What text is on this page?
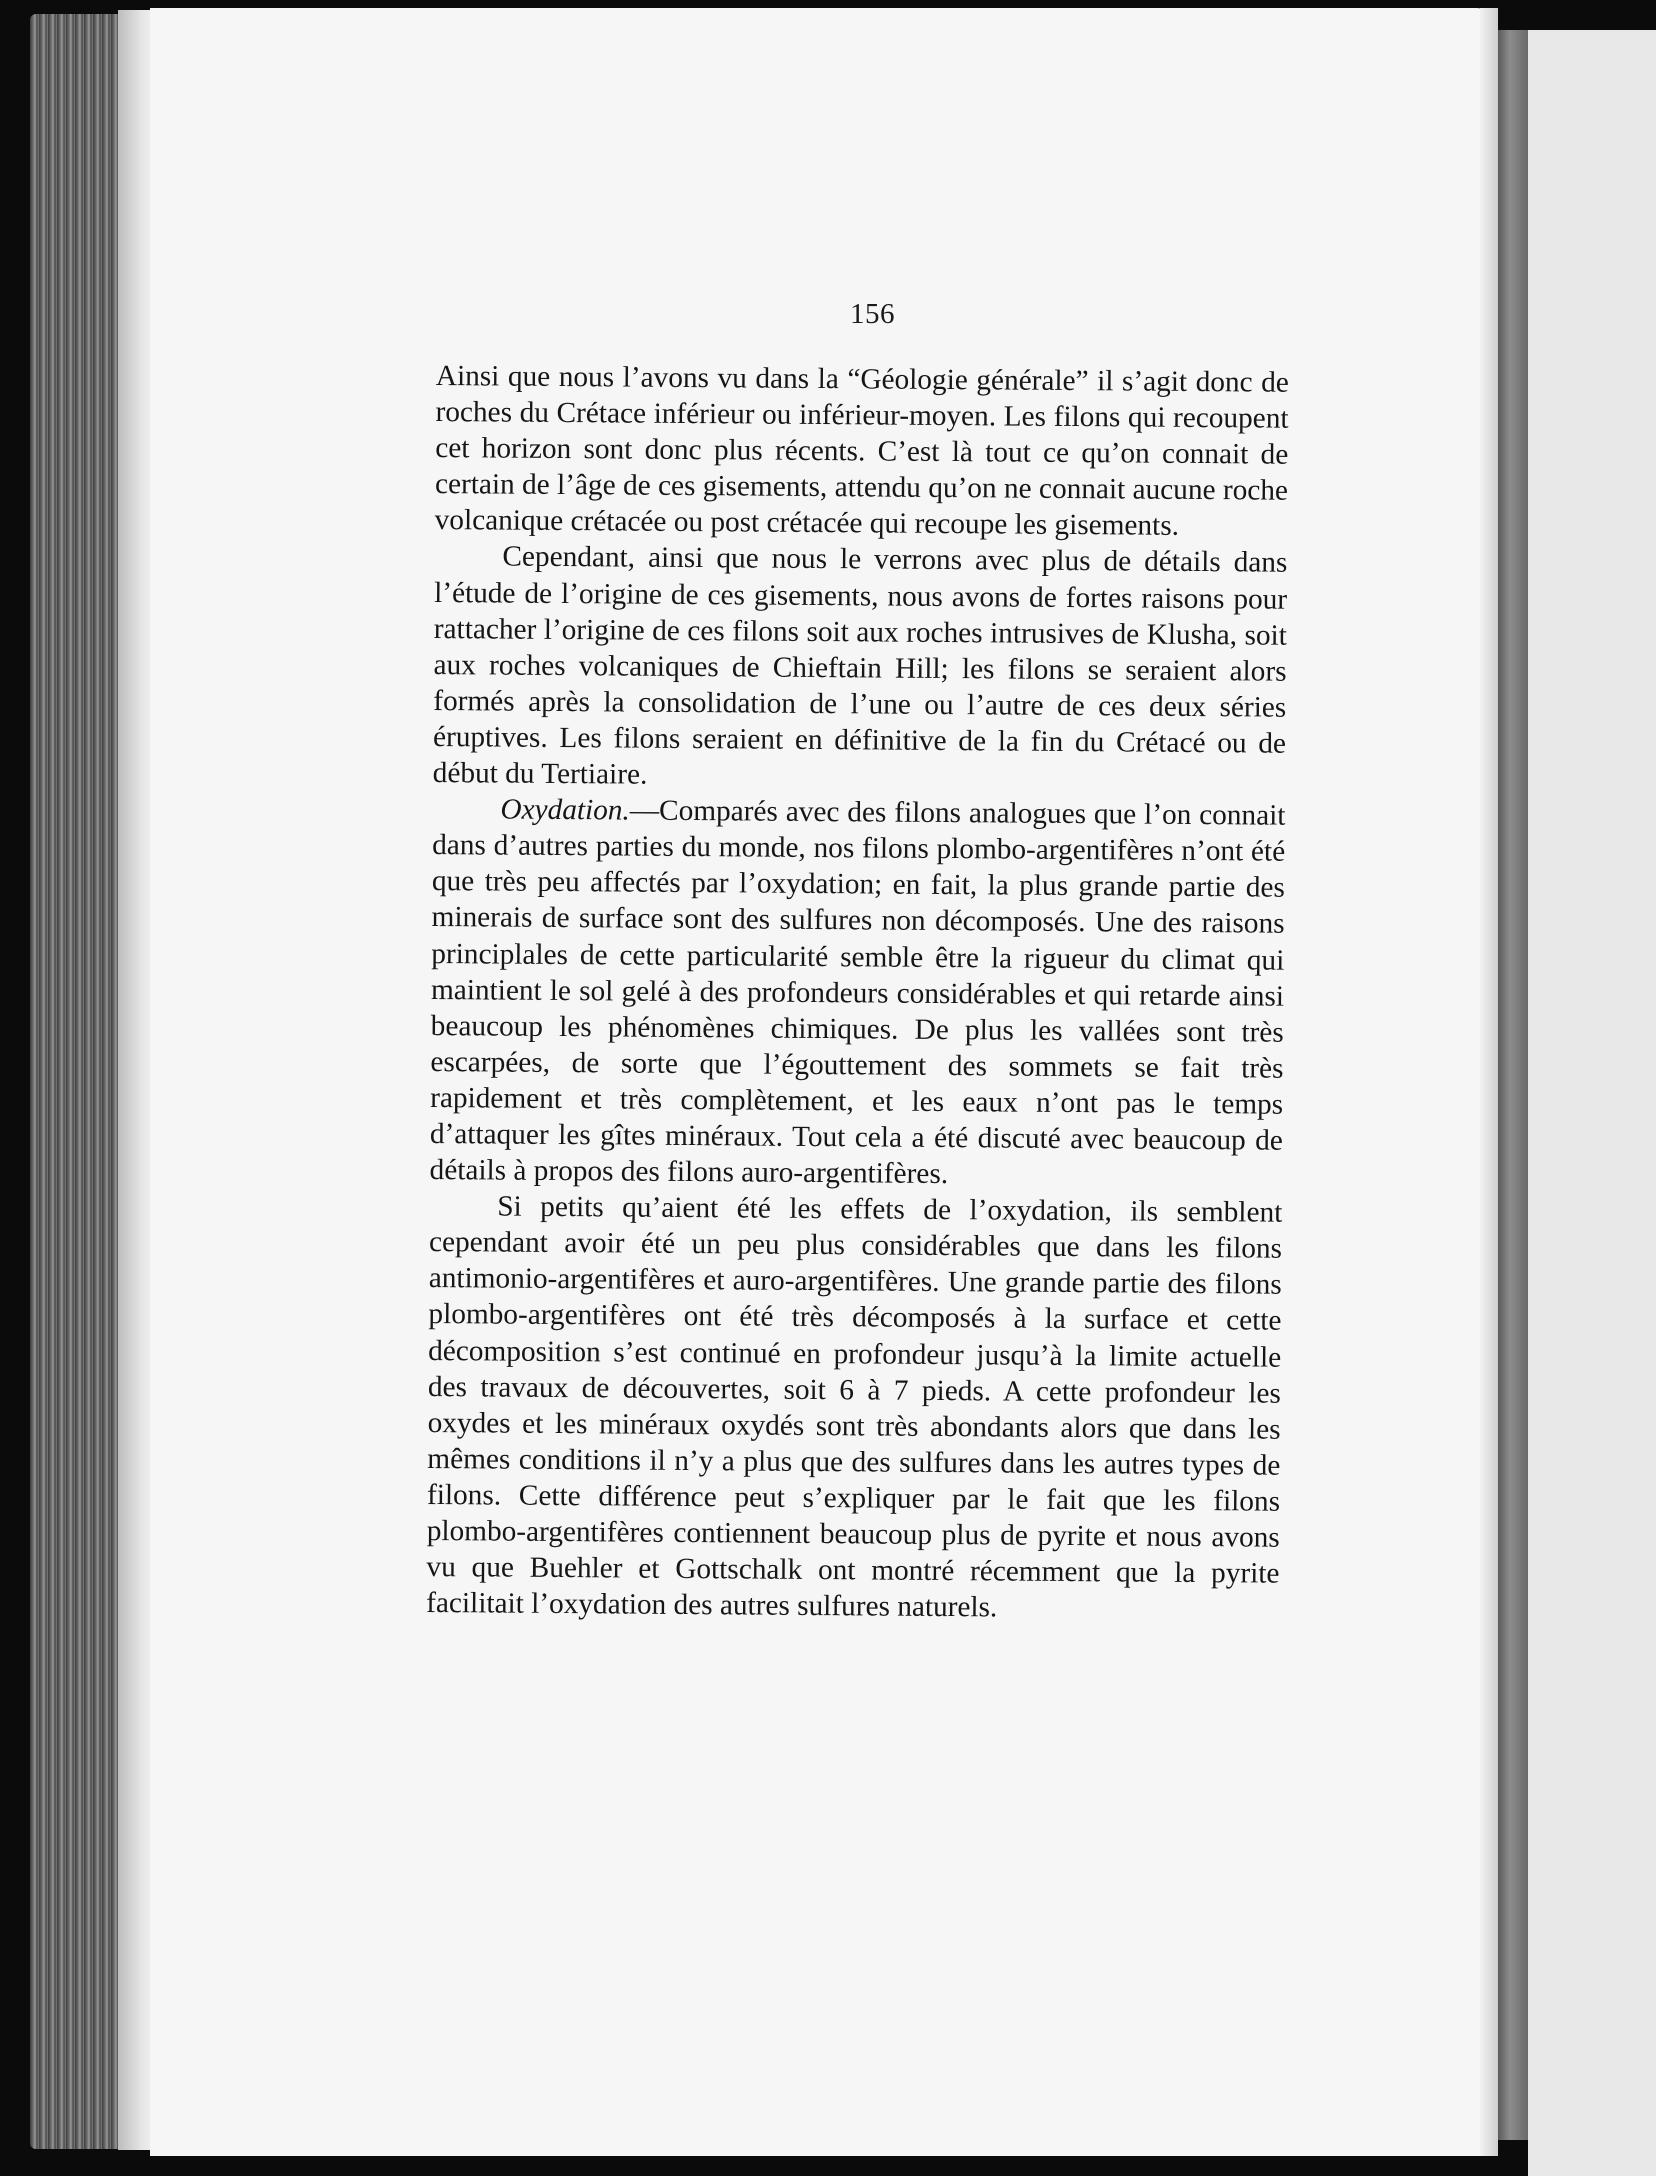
156

Ainsi que nous l’avons vu dans la “Géologie générale” il s’agit donc de roches du Crétace inférieur ou inférieur-moyen. Les filons qui recoupent cet horizon sont donc plus récents. C’est là tout ce qu’on connait de certain de l’âge de ces gisements, attendu qu’on ne connait aucune roche volcanique crétacée ou post crétacée qui recoupe les gisements.

Cependant, ainsi que nous le verrons avec plus de détails dans l’étude de l’origine de ces gisements, nous avons de fortes raisons pour rattacher l’origine de ces filons soit aux roches intrusives de Klusha, soit aux roches volcaniques de Chieftain Hill; les filons se seraient alors formés après la consolidation de l’une ou l’autre de ces deux séries éruptives. Les filons seraient en définitive de la fin du Crétacé ou de début du Tertiaire.

Oxydation.—Comparés avec des filons analogues que l’on connait dans d’autres parties du monde, nos filons plombo-argentifères n’ont été que très peu affectés par l’oxydation; en fait, la plus grande partie des minerais de surface sont des sulfures non décomposés. Une des raisons principlales de cette particularité semble être la rigueur du climat qui maintient le sol gelé à des profondeurs considérables et qui retarde ainsi beaucoup les phénomènes chimiques. De plus les vallées sont très escarpées, de sorte que l’égouttement des sommets se fait très rapidement et très complètement, et les eaux n’ont pas le temps d’attaquer les gîtes minéraux. Tout cela a été discuté avec beaucoup de détails à propos des filons auro-argentifères.

Si petits qu’aient été les effets de l’oxydation, ils semblent cependant avoir été un peu plus considérables que dans les filons antimonio-argentifères et auro-argentifères. Une grande partie des filons plombo-argentifères ont été très décomposés à la surface et cette décomposition s’est continué en profondeur jusqu’à la limite actuelle des travaux de découvertes, soit 6 à 7 pieds. A cette profondeur les oxydes et les minéraux oxydés sont très abondants alors que dans les mêmes conditions il n’y a plus que des sulfures dans les autres types de filons. Cette différence peut s’expliquer par le fait que les filons plombo-argentifères contiennent beaucoup plus de pyrite et nous avons vu que Buehler et Gottschalk ont montré récemment que la pyrite facilitait l’oxydation des autres sulfures naturels.
